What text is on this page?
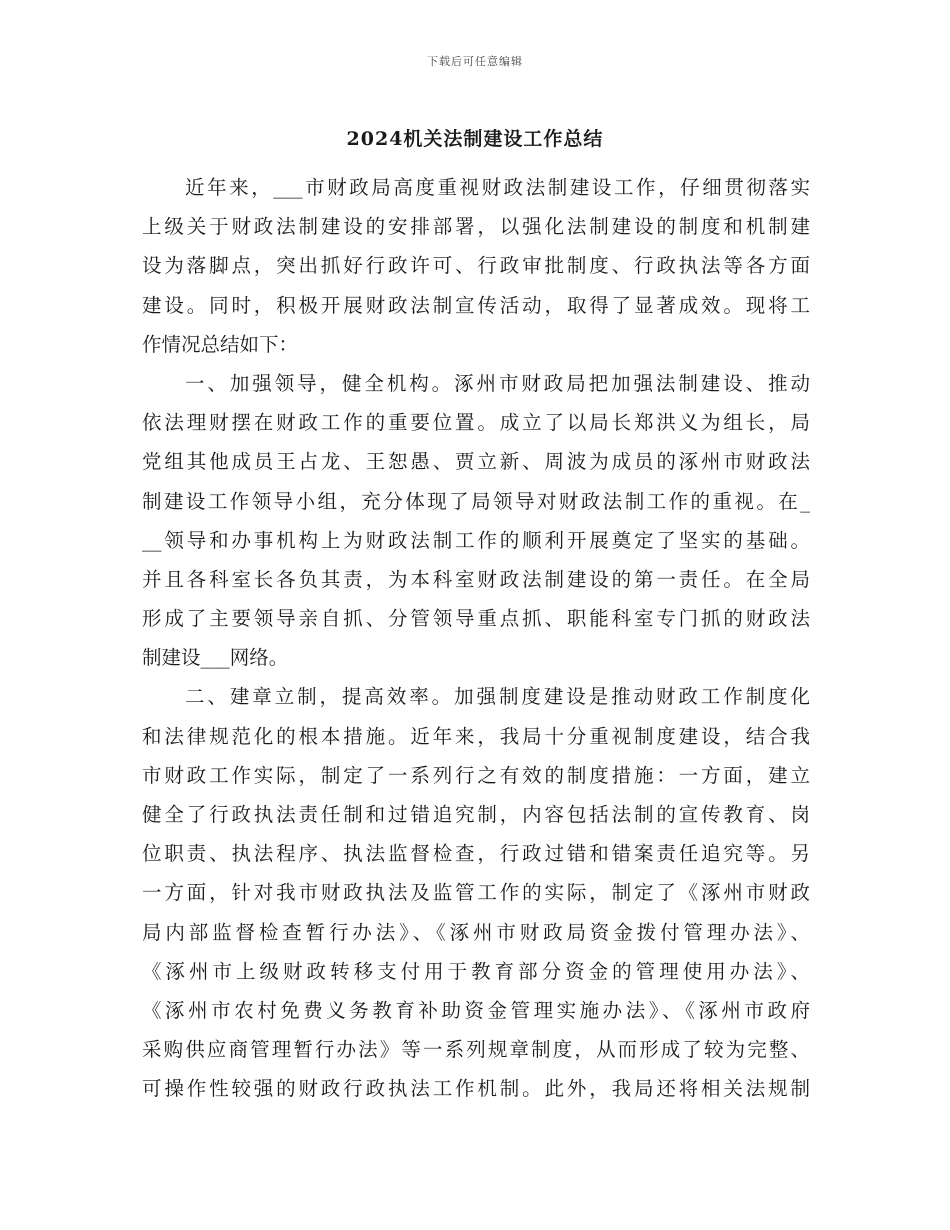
下载后可任意编辑
2024机关法制建设工作总结
近年来，___市财政局高度重视财政法制建设工作，仔细贯彻落实
上级关于财政法制建设的安排部署，以强化法制建设的制度和机制建
设为落脚点，突出抓好行政许可、行政审批制度、行政执法等各方面
建设。同时，积极开展财政法制宣传活动，取得了显著成效。现将工
作情况总结如下：
一、加强领导，健全机构。涿州市财政局把加强法制建设、推动
依法理财摆在财政工作的重要位置。成立了以局长郑洪义为组长，局
党组其他成员王占龙、王恕愚、贾立新、周波为成员的涿州市财政法
制建设工作领导小组，充分体现了局领导对财政法制工作的重视。在_
__领导和办事机构上为财政法制工作的顺利开展奠定了坚实的基础。
并且各科室长各负其责，为本科室财政法制建设的第一责任。在全局
形成了主要领导亲自抓、分管领导重点抓、职能科室专门抓的财政法
制建设___网络。
二、建章立制，提高效率。加强制度建设是推动财政工作制度化
和法律规范化的根本措施。近年来，我局十分重视制度建设，结合我
市财政工作实际，制定了一系列行之有效的制度措施：一方面，建立
健全了行政执法责任制和过错追究制，内容包括法制的宣传教育、岗
位职责、执法程序、执法监督检查，行政过错和错案责任追究等。另
一方面，针对我市财政执法及监管工作的实际，制定了《涿州市财政
局内部监督检查暂行办法》、《涿州市财政局资金拨付管理办法》、
《涿州市上级财政转移支付用于教育部分资金的管理使用办法》、
《涿州市农村免费义务教育补助资金管理实施办法》、《涿州市政府
采购供应商管理暂行办法》等一系列规章制度，从而形成了较为完整、
可操作性较强的财政行政执法工作机制。此外，我局还将相关法规制
